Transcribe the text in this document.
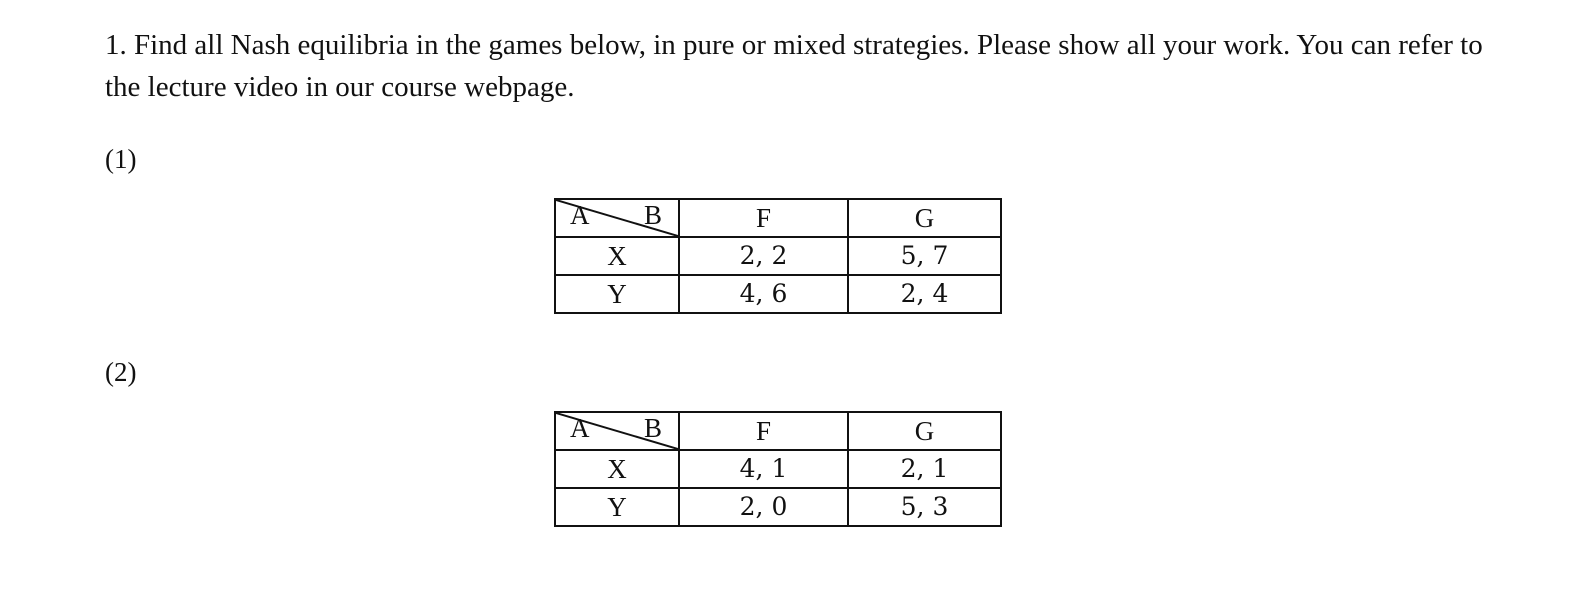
1. Find all Nash equilibria in the games below, in pure or mixed strategies. Please show all your work. You can refer to the lecture video in our course webpage.

(1)
A B	F	G
X	2, 2	5, 7
Y	4, 6	2, 4
(2)
A B	F	G
X	4, 1	2, 1
Y	2, 0	5, 3
